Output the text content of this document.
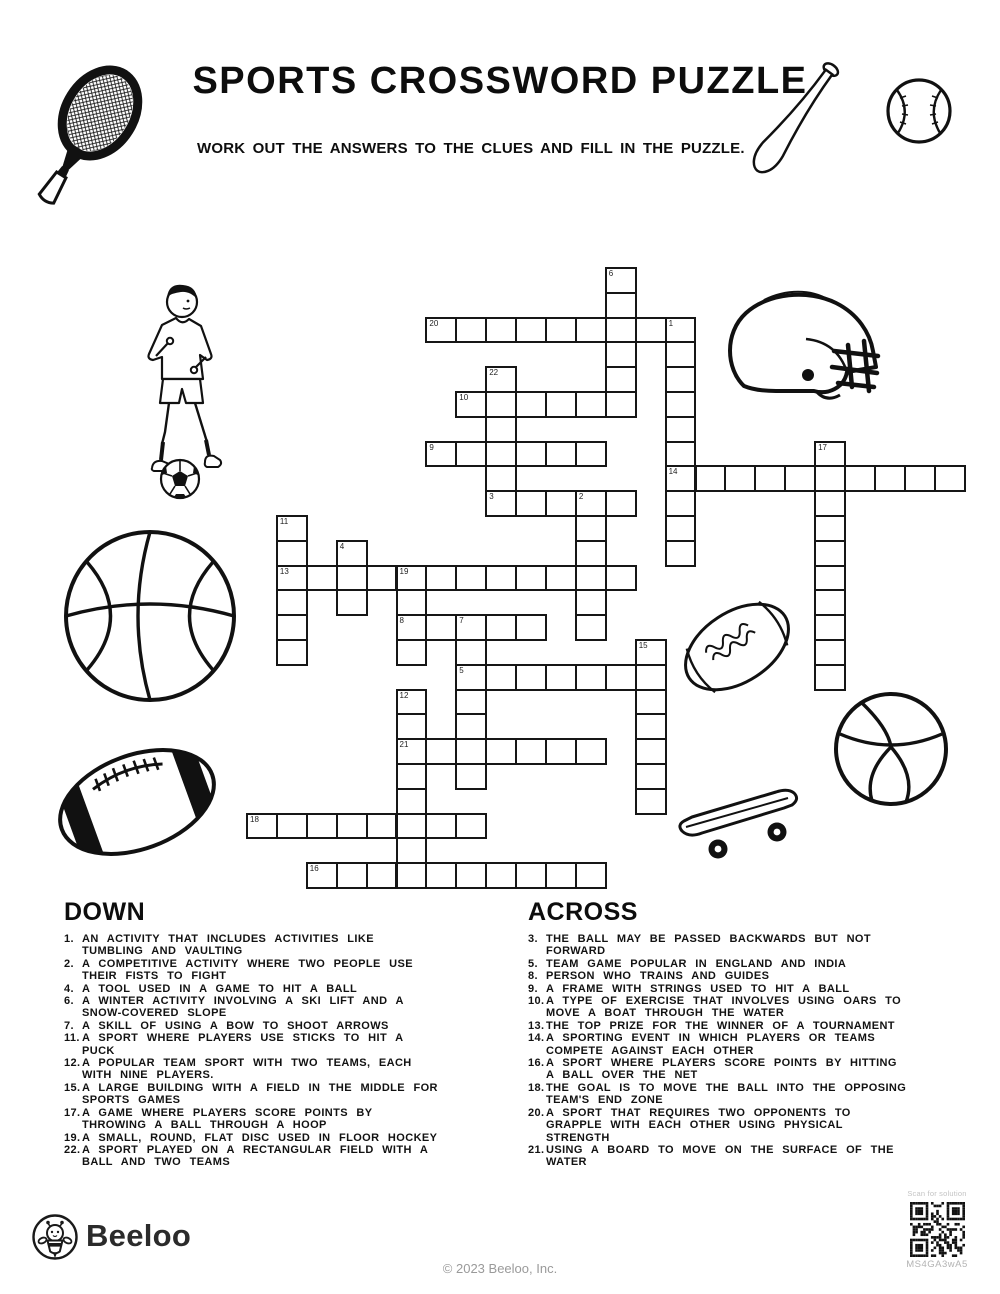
SPORTS CROSSWORD PUZZLE
WORK OUT THE ANSWERS TO THE CLUES AND FILL IN THE PUZZLE.
20	1
10
9
14
3	2
13	19
8	7
5
21
18
16
6
22
17
11
4
15
12
DOWN
1. AN ACTIVITY THAT INCLUDES ACTIVITIES LIKE TUMBLING AND VAULTING
2. A COMPETITIVE ACTIVITY WHERE TWO PEOPLE USE THEIR FISTS TO FIGHT
4. A TOOL USED IN A GAME TO HIT A BALL
6. A WINTER ACTIVITY INVOLVING A SKI LIFT AND A SNOW-COVERED SLOPE
7. A SKILL OF USING A BOW TO SHOOT ARROWS
11. A SPORT WHERE PLAYERS USE STICKS TO HIT A PUCK
12. A POPULAR TEAM SPORT WITH TWO TEAMS, EACH WITH NINE PLAYERS.
15. A LARGE BUILDING WITH A FIELD IN THE MIDDLE FOR SPORTS GAMES
17. A GAME WHERE PLAYERS SCORE POINTS BY THROWING A BALL THROUGH A HOOP
19. A SMALL, ROUND, FLAT DISC USED IN FLOOR HOCKEY
22. A SPORT PLAYED ON A RECTANGULAR FIELD WITH A BALL AND TWO TEAMS
ACROSS
3. THE BALL MAY BE PASSED BACKWARDS BUT NOT FORWARD
5. TEAM GAME POPULAR IN ENGLAND AND INDIA
8. PERSON WHO TRAINS AND GUIDES
9. A FRAME WITH STRINGS USED TO HIT A BALL
10. A TYPE OF EXERCISE THAT INVOLVES USING OARS TO MOVE A BOAT THROUGH THE WATER
13. THE TOP PRIZE FOR THE WINNER OF A TOURNAMENT
14. A SPORTING EVENT IN WHICH PLAYERS OR TEAMS COMPETE AGAINST EACH OTHER
16. A SPORT WHERE PLAYERS SCORE POINTS BY HITTING A BALL OVER THE NET
18. THE GOAL IS TO MOVE THE BALL INTO THE OPPOSING TEAM'S END ZONE
20. A SPORT THAT REQUIRES TWO OPPONENTS TO GRAPPLE WITH EACH OTHER USING PHYSICAL STRENGTH
21. USING A BOARD TO MOVE ON THE SURFACE OF THE WATER
Beeloo
© 2023 Beeloo, Inc.
Scan for solution
MS4GA3wA5
